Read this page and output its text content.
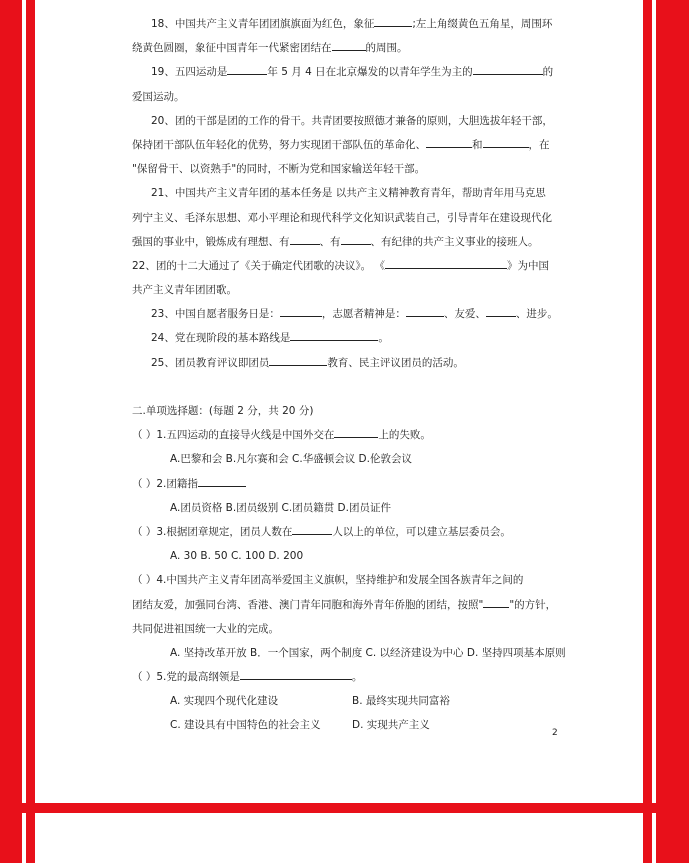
18、中国共产主义青年团团旗旗面为红色，象征	;左上角缀黄色五角星，周围环
绕黄色圆圈，象征中国青年一代紧密团结在	的周围。
19、五四运动是	年 5 月 4 日在北京爆发的以青年学生为主的	的
爱国运动。
20、团的干部是团的工作的骨干。共青团要按照德才兼备的原则，大胆选拔年轻干部，
保持团干部队伍年轻化的优势，努力实现团干部队伍的革命化、	和	，在
"保留骨干、以资熟手"的同时，不断为党和国家输送年轻干部。
21、中国共产主义青年团的基本任务是 以共产主义精神教育青年，帮助青年用马克思
列宁主义、毛泽东思想、邓小平理论和现代科学文化知识武装自己，引导青年在建设现代化
强国的事业中，锻炼成有理想、有	、有	、有纪律的共产主义事业的接班人。
22、团的十二大通过了《关于确定代团歌的决议》。 《	》为中国
共产主义青年团团歌。
23、中国自愿者服务日是：	，志愿者精神是：	、友爱、	、进步。
24、党在现阶段的基本路线是	。
25、团员教育评议即团员	教育、民主评议团员的活动。
二.单项选择题：(每题 2 分，共 20 分)
（ ）1.五四运动的直接导火线是中国外交在	上的失败。
A.巴黎和会 B.凡尔赛和会 C.华盛顿会议 D.伦敦会议
（ ）2.团籍指
A.团员资格 B.团员级别 C.团员籍贯 D.团员证件
（ ）3.根据团章规定，团员人数在	人以上的单位，可以建立基层委员会。
A. 30 B. 50 C. 100 D. 200
（ ）4.中国共产主义青年团高举爱国主义旗帜，坚持维护和发展全国各族青年之间的
团结友爱，加强同台湾、香港、澳门青年同胞和海外青年侨胞的团结，按照" "的方针，
共同促进祖国统一大业的完成。
A. 坚持改革开放 B．一个国家，两个制度 C. 以经济建设为中心 D. 坚持四项基本原则
（ ）5.党的最高纲领是	。
A. 实现四个现代化建设	B. 最终实现共同富裕
C. 建设具有中国特色的社会主义	D. 实现共产主义
2
